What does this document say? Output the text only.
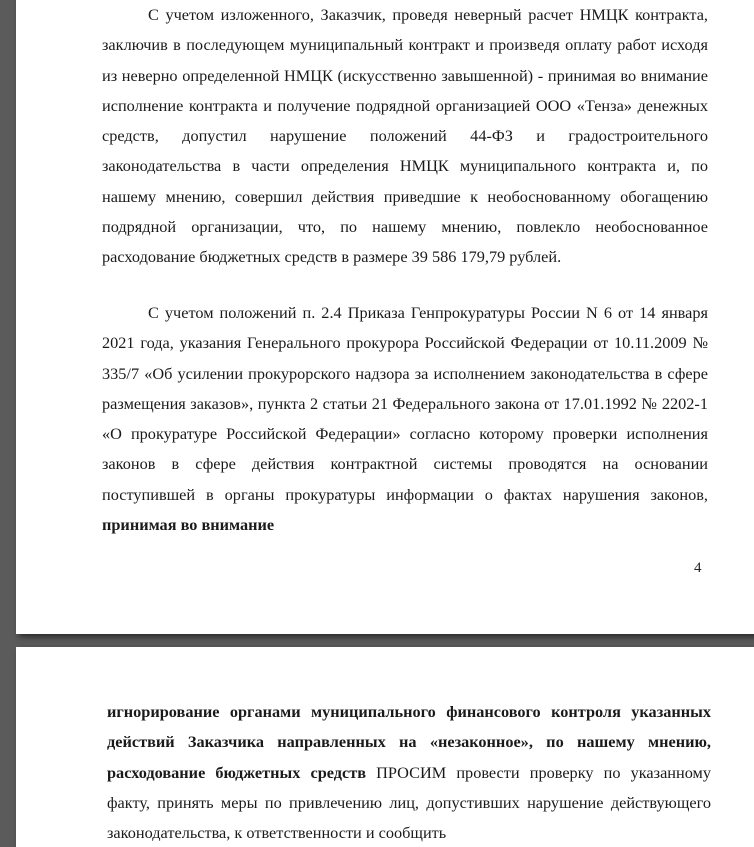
С учетом изложенного, Заказчик, проведя неверный расчет НМЦК контракта, заключив в последующем муниципальный контракт и произведя оплату работ исходя из неверно определенной НМЦК (искусственно завышенной) - принимая во внимание исполнение контракта и получение подрядной организацией ООО «Тенза» денежных средств, допустил нарушение положений 44-ФЗ и градостроительного законодательства в части определения НМЦК муниципального контракта и, по нашему мнению, совершил действия приведшие к необоснованному обогащению подрядной организации, что, по нашему мнению, повлекло необоснованное расходование бюджетных средств в размере 39 586 179,79 рублей.

С учетом положений п. 2.4 Приказа Генпрокуратуры России N 6 от 14 января 2021 года, указания Генерального прокурора Российской Федерации от 10.11.2009 № 335/7 «Об усилении прокурорского надзора за исполнением законодательства в сфере размещения заказов», пункта 2 статьи 21 Федерального закона от 17.01.1992 № 2202-1 «О прокуратуре Российской Федерации» согласно которому проверки исполнения законов в сфере действия контрактной системы проводятся на основании поступившей в органы прокуратуры информации о фактах нарушения законов, принимая во внимание

4

игнорирование органами муниципального финансового контроля указанных действий Заказчика направленных на «незаконное», по нашему мнению, расходование бюджетных средств ПРОСИМ провести проверку по указанному факту, принять меры по привлечению лиц, допустивших нарушение действующего законодательства, к ответственности и сообщить
